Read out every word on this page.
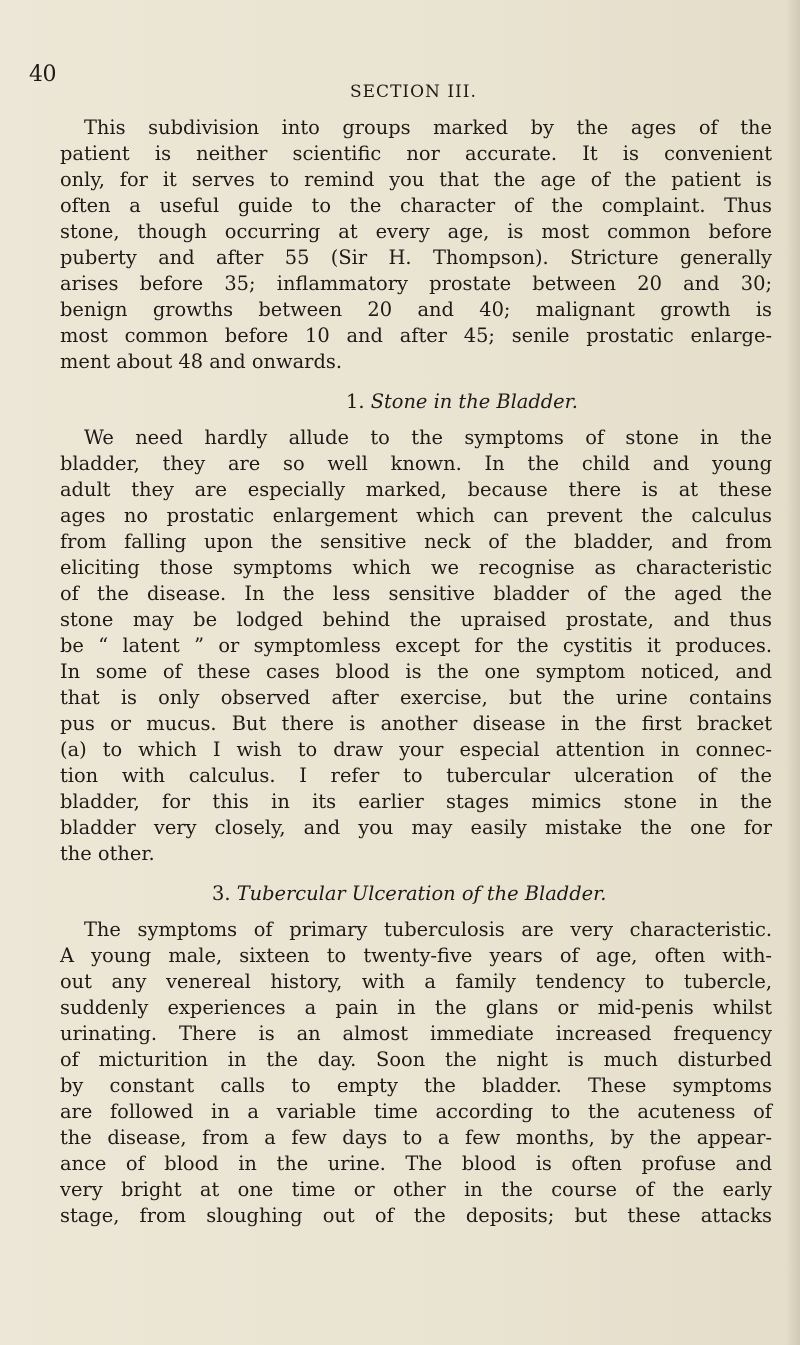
40
SECTION III.
This subdivision into groups marked by the ages of the
patient is neither scientific nor accurate. It is convenient
only, for it serves to remind you that the age of the patient is
often a useful guide to the character of the complaint. Thus
stone, though occurring at every age, is most common before
puberty and after 55 (Sir H. Thompson). Stricture generally
arises before 35; inflammatory prostate between 20 and 30;
benign growths between 20 and 40; malignant growth is
most common before 10 and after 45; senile prostatic enlarge-
ment about 48 and onwards.
1. Stone in the Bladder.
We need hardly allude to the symptoms of stone in the
bladder, they are so well known. In the child and young
adult they are especially marked, because there is at these
ages no prostatic enlargement which can prevent the calculus
from falling upon the sensitive neck of the bladder, and from
eliciting those symptoms which we recognise as characteristic
of the disease. In the less sensitive bladder of the aged the
stone may be lodged behind the upraised prostate, and thus
be “ latent ” or symptomless except for the cystitis it produces.
In some of these cases blood is the one symptom noticed, and
that is only observed after exercise, but the urine contains
pus or mucus. But there is another disease in the first bracket
(a) to which I wish to draw your especial attention in connec-
tion with calculus. I refer to tubercular ulceration of the
bladder, for this in its earlier stages mimics stone in the
bladder very closely, and you may easily mistake the one for
the other.
3. Tubercular Ulceration of the Bladder.
The symptoms of primary tuberculosis are very characteristic.
A young male, sixteen to twenty-five years of age, often with-
out any venereal history, with a family tendency to tubercle,
suddenly experiences a pain in the glans or mid-penis whilst
urinating. There is an almost immediate increased frequency
of micturition in the day. Soon the night is much disturbed
by constant calls to empty the bladder. These symptoms
are followed in a variable time according to the acuteness of
the disease, from a few days to a few months, by the appear-
ance of blood in the urine. The blood is often profuse and
very bright at one time or other in the course of the early
stage, from sloughing out of the deposits; but these attacks
